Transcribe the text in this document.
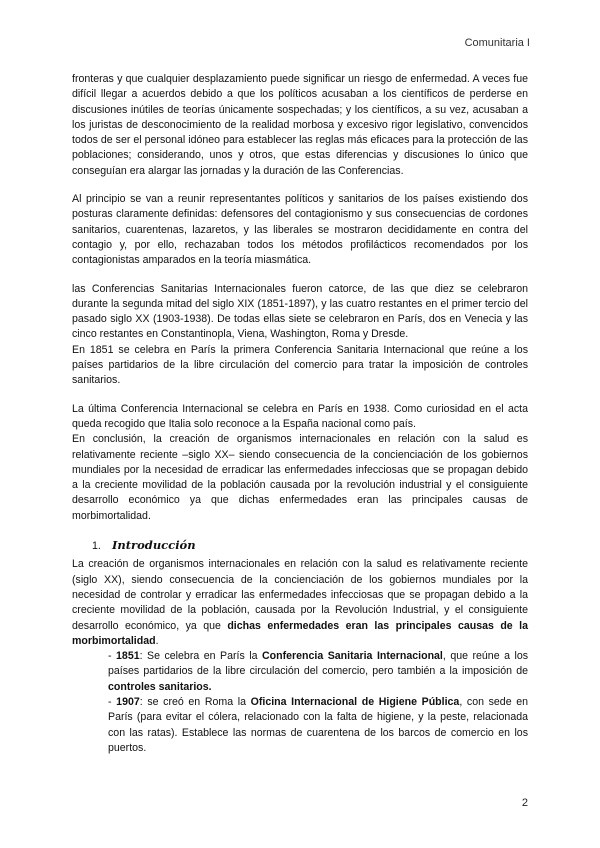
Comunitaria I

fronteras y que cualquier desplazamiento puede significar un riesgo de enfermedad. A veces fue difícil llegar a acuerdos debido a que los políticos acusaban a los científicos de perderse en discusiones inútiles de teorías únicamente sospechadas; y los científicos, a su vez, acusaban a los juristas de desconocimiento de la realidad morbosa y excesivo rigor legislativo, convencidos todos de ser el personal idóneo para establecer las reglas más eficaces para la protección de las poblaciones; considerando, unos y otros, que estas diferencias y discusiones lo único que conseguían era alargar las jornadas y la duración de las Conferencias.

Al principio se van a reunir representantes políticos y sanitarios de los países existiendo dos posturas claramente definidas: defensores del contagionismo y sus consecuencias de cordones sanitarios, cuarentenas, lazaretos, y las liberales se mostraron decididamente en contra del contagio y, por ello, rechazaban todos los métodos profilácticos recomendados por los contagionistas amparados en la teoría miasmática.

las Conferencias Sanitarias Internacionales fueron catorce, de las que diez se celebraron durante la segunda mitad del siglo XIX (1851-1897), y las cuatro restantes en el primer tercio del pasado siglo XX (1903-1938). De todas ellas siete se celebraron en París, dos en Venecia y las cinco restantes en Constantinopla, Viena, Washington, Roma y Dresde.

En 1851 se celebra en París la primera Conferencia Sanitaria Internacional que reúne a los países partidarios de la libre circulación del comercio para tratar la imposición de controles sanitarios.

La última Conferencia Internacional se celebra en París en 1938. Como curiosidad en el acta queda recogido que Italia solo reconoce a la España nacional como país.

En conclusión, la creación de organismos internacionales en relación con la salud es relativamente reciente –siglo XX– siendo consecuencia de la concienciación de los gobiernos mundiales por la necesidad de erradicar las enfermedades infecciosas que se propagan debido a la creciente movilidad de la población causada por la revolución industrial y el consiguiente desarrollo económico ya que dichas enfermedades eran las principales causas de morbimortalidad.

1. Introducción

La creación de organismos internacionales en relación con la salud es relativamente reciente (siglo XX), siendo consecuencia de la concienciación de los gobiernos mundiales por la necesidad de controlar y erradicar las enfermedades infecciosas que se propagan debido a la creciente movilidad de la población, causada por la Revolución Industrial, y el consiguiente desarrollo económico, ya que dichas enfermedades eran las principales causas de la morbimortalidad.

- 1851: Se celebra en París la Conferencia Sanitaria Internacional, que reúne a los países partidarios de la libre circulación del comercio, pero también a la imposición de controles sanitarios.

- 1907: se creó en Roma la Oficina Internacional de Higiene Pública, con sede en París (para evitar el cólera, relacionado con la falta de higiene, y la peste, relacionada con las ratas). Establece las normas de cuarentena de los barcos de comercio en los puertos.

2
